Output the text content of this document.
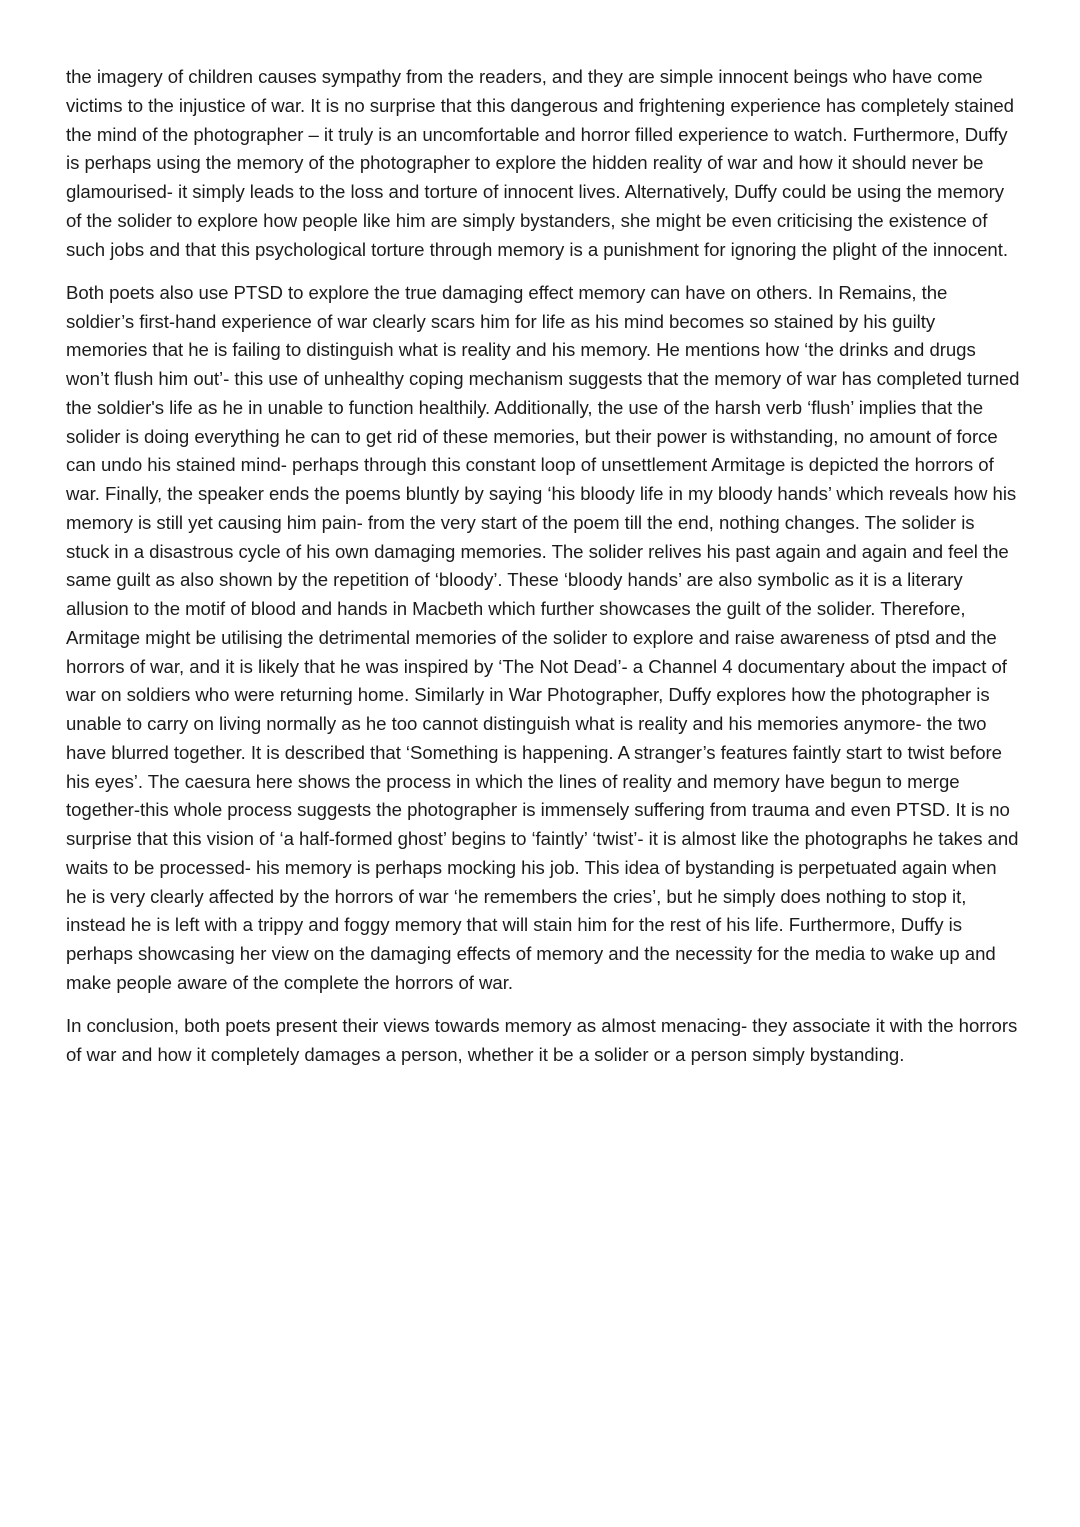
the imagery of children causes sympathy from the readers, and they are simple innocent beings who have come victims to the injustice of war. It is no surprise that this dangerous and frightening experience has completely stained the mind of the photographer – it truly is an uncomfortable and horror filled experience to watch. Furthermore, Duffy is perhaps using the memory of the photographer to explore the hidden reality of war and how it should never be glamourised- it simply leads to the loss and torture of innocent lives. Alternatively, Duffy could be using the memory of the solider to explore how people like him are simply bystanders, she might be even criticising the existence of such jobs and that this psychological torture through memory is a punishment for ignoring the plight of the innocent.

Both poets also use PTSD to explore the true damaging effect memory can have on others. In Remains, the soldier’s first-hand experience of war clearly scars him for life as his mind becomes so stained by his guilty memories that he is failing to distinguish what is reality and his memory. He mentions how ‘the drinks and drugs won’t flush him out’- this use of unhealthy coping mechanism suggests that the memory of war has completed turned the soldier's life as he in unable to function healthily. Additionally, the use of the harsh verb ‘flush’ implies that the solider is doing everything he can to get rid of these memories, but their power is withstanding, no amount of force can undo his stained mind- perhaps through this constant loop of unsettlement Armitage is depicted the horrors of war. Finally, the speaker ends the poems bluntly by saying ‘his bloody life in my bloody hands’ which reveals how his memory is still yet causing him pain- from the very start of the poem till the end, nothing changes. The solider is stuck in a disastrous cycle of his own damaging memories. The solider relives his past again and again and feel the same guilt as also shown by the repetition of ‘bloody’. These ‘bloody hands’ are also symbolic as it is a literary allusion to the motif of blood and hands in Macbeth which further showcases the guilt of the solider. Therefore, Armitage might be utilising the detrimental memories of the solider to explore and raise awareness of ptsd and the horrors of war, and it is likely that he was inspired by ‘The Not Dead’- a Channel 4 documentary about the impact of war on soldiers who were returning home. Similarly in War Photographer, Duffy explores how the photographer is unable to carry on living normally as he too cannot distinguish what is reality and his memories anymore- the two have blurred together. It is described that ‘Something is happening. A stranger’s features faintly start to twist before his eyes’. The caesura here shows the process in which the lines of reality and memory have begun to merge together-this whole process suggests the photographer is immensely suffering from trauma and even PTSD. It is no surprise that this vision of ‘a half-formed ghost’ begins to ‘faintly’ ‘twist’- it is almost like the photographs he takes and waits to be processed- his memory is perhaps mocking his job. This idea of bystanding is perpetuated again when he is very clearly affected by the horrors of war ‘he remembers the cries’, but he simply does nothing to stop it, instead he is left with a trippy and foggy memory that will stain him for the rest of his life. Furthermore, Duffy is perhaps showcasing her view on the damaging effects of memory and the necessity for the media to wake up and make people aware of the complete the horrors of war.

In conclusion, both poets present their views towards memory as almost menacing- they associate it with the horrors of war and how it completely damages a person, whether it be a solider or a person simply bystanding.
